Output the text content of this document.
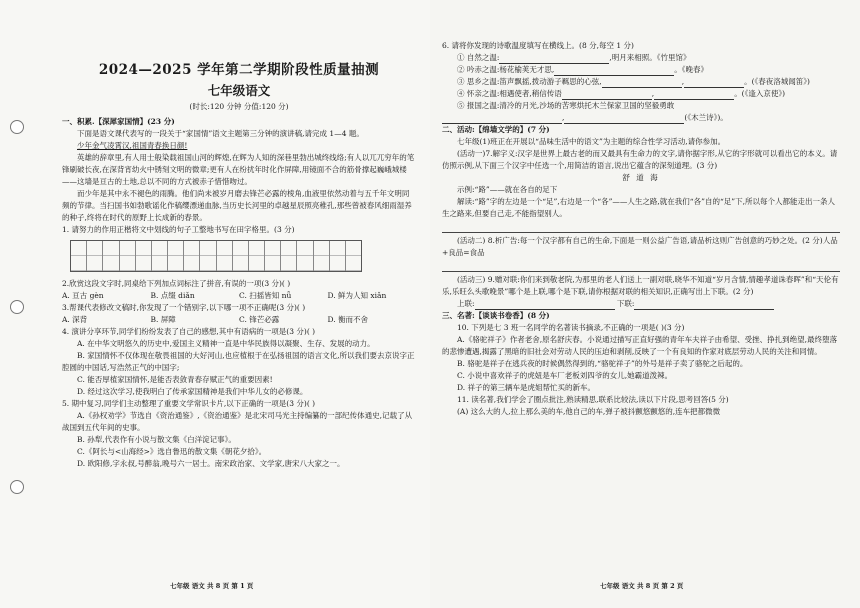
2024—2025 学年第二学期阶段性质量抽测
七年级语文
(时长:120 分钟 分值:120 分)

一、积累.【深犀家国情】(23 分)

下面是语文课代表写的一段关于“家国情”语文主题第三分钟的演讲稿,请完成 1—4 题。

少年金气凌霄汉,祖国青春换日颜!

英雄的辞章里,有人用士般染载祖国山河的辉煌,在辉为人知的深巷里勃出城终线络;有人以兀兀穷年的笔锋刷破长夜,在深背宵幼火中锈刻文明的微章;更有人在纷扰年时化作屏障,用镜面不合的筋骨撑起巍峨城楼——这墙是亘古的土地,总以不同的方式被赤子惜惜吻过。

而少年是其中永不褪色的雨腾。他们尚未被岁月磨去锋芒必露的棱角,血液里依然动着与五千年文明同频的节律。当扫国书如勃歌谣化作稿缨漂递血脉,当历史长河里的卓越星辰照亮稚孔,那些曾被春风细雨湿养的种子,终将在时代的原野上长成新的春景。

1. 请努力的作用正楷将文中划线的句子工整地书写在田字格里。(3 分)

2.欣赏这段文字时,同桌给下列加点词标注了拼音,有误的一项(3 分)( )

A. 亘古 gèn	B. 点缀 diǎn	C. 扫摇皆知 nǚ	D. 鲜为人知 xiǎn

3.帮课代表修改文稿时,你发现了一个错别字,以下哪一项不正确呢(3 分)( )

A. 深背	B. 屏障	C. 锋芒必露	D. 衡而不舍

4. 演讲分享环节,同学们纷纷发表了自己的感想,其中有语病的一项是(3 分)( )

A. 在中华文明悠久的历史中,爱国主义精神一直是中华民族得以凝聚、生存、发展的动力。

B. 家国情怀不仅体现在敬畏祖国的大好河山,也应植根于在弘扬祖国的语言文化,所以我们要去京说字正腔圆的中国话,写浩然正气的中国字;

C. 能否厚植家国情怀,是能否表敛青春存赋正气的重要因素!

D. 经过这次学习,使我明白了传承家国精神是我们中华儿女的必修课。

5. 期中复习,同学们主动整理了重要文学常识卡片,以下正确的一项是(3 分)( )

A.《孙权劝学》节选自《资治通鉴》,《资治通鉴》是北宋司马光主持编纂的一部纪传体通史,记载了从战国到五代年间的史事。

B. 孙犁,代表作有小说与散文集《白洋淀记事》。

C.《阿长与<山海经>》选自鲁迅的散文集《朝花夕拾》。

D. 欧阳修,字永叔,号醉翁,晚号六一居士。南宋政治家、文学家,唐宋八大家之一。

七年级 语文 共 8 页 第 1 页

6. 请将你发现的诗歌温度填写在横线上。(8 分,每空 1 分)

① 自然之温:	,明月来相照。《竹里馆》

② 吟赤之温:杨花榆荚无才思,	。《晚春》

③ 思乡之温:笛声飘摇,拨动游子羁思的心弦,	,	。(《春夜洛城闻笛》)

④ 怀亲之温:相遇使者,稍信传语	,	。(《逢入京使》)

⑤ 报国之温:清冷的月光,沙场的苦寒烘托木兰保家卫国的坚毅勇敢
,	(《木兰诗》)。

二、活动:【绵墙文学的】(7 分)

七年级(1)班正在开展以“品味生活中的语文”为主题的综合性学习活动,请你参加。

(活动一)7.解字义:汉字是世界上最古老的而又最具有生命力的文字,请你据字形,从它的字形就可以看出它的本义。请仿照示例,从下面三个汉字中任选一个,用简洁的语言,说出它蕴含的深刻道理。(3 分)

舒 道 海

示例:“路”——就在各自的足下

解读:“路”字的左边是一个“足”,右边是一个“各”——人生之路,就在我们“各”自的“足”下,所以每个人都能走出一条人生之路来,但要自己走,不能指望别人。

(活动二) 8.析广告:每一个汉字都有自己的生命,下面是一则公益广告语,请品析这则广告创意的巧妙之处。(2 分)人品+良品=食品

(活动三) 9.赠对联:你们来到敬老院,为那里的老人们送上一副对联,晓华不知道“岁月含情,情趣孝道诛春晖”和“天伦有乐,乐旺么头歌晚景”哪个是上联,哪个是下联,请你根据对联的相关知识,正确写出上下联。(2 分)

上联:	下联:

三、名著:【谈谈书卷香】(8 分)

10. 下列是七 3 班一名同学的名著读书摘录,不正确的一项是( )(3 分)

A.《骆驼祥子》作者老舍,原名舒庆春。小说通过描写正直好强的青年车夫祥子由希望、受挫、挣扎到绝望,最终堕落的悲惨遭遇,揭露了黑暗的旧社会对劳动人民的压迫和剥削,反映了一个有良知的作家对底层劳动人民的关注和同情。

B. 骆驼是祥子在逃兵夜的时候偶然得到的,“骆驼祥子”的外号是祥子卖了骆驼之后起的。

C. 小说中喜欢祥子的虎妞是车厂老板刘四爷的女儿,她霸道泼辣。

D. 祥子的第三辆车是虎姐帮忙买的新车。

11. 读名著,我们学会了圈点批注,熟读精思,联系比较法,读以下片段,思考回答(5 分)

(A) 这么大的人,拉上那么美的车,他自己的车,弹子被抖颤悠颤悠的,连车把都微微

七年级 语文 共 8 页 第 2 页
